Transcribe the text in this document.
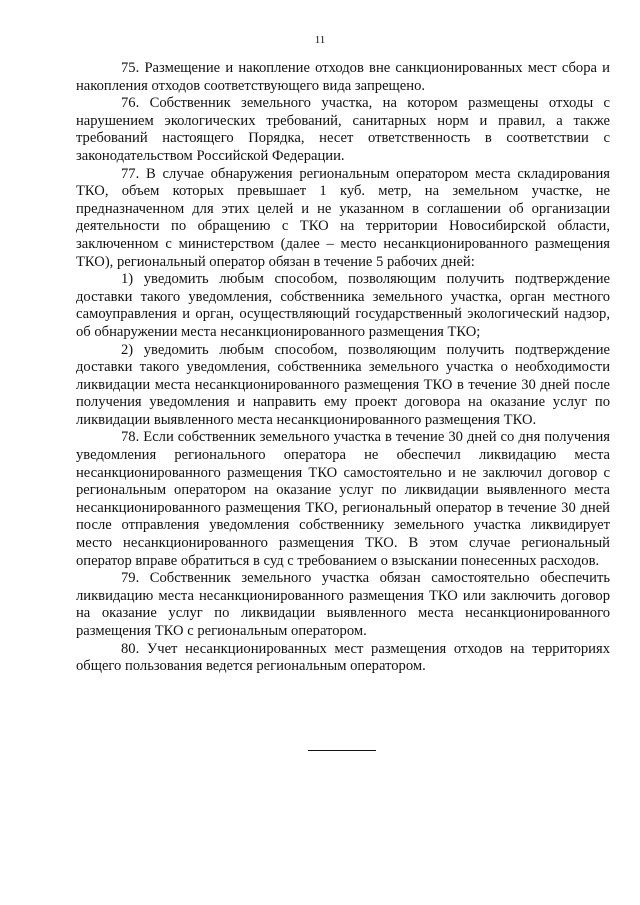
11

75. Размещение и накопление отходов вне санкционированных мест сбора и накопления отходов соответствующего вида запрещено.

76. Собственник земельного участка, на котором размещены отходы с нарушением экологических требований, санитарных норм и правил, а также требований настоящего Порядка, несет ответственность в соответствии с законодательством Российской Федерации.

77. В случае обнаружения региональным оператором места складирования ТКО, объем которых превышает 1 куб. метр, на земельном участке, не предназначенном для этих целей и не указанном в соглашении об организации деятельности по обращению с ТКО на территории Новосибирской области, заключенном с министерством (далее – место несанкционированного размещения ТКО), региональный оператор обязан в течение 5 рабочих дней:

1) уведомить любым способом, позволяющим получить подтверждение доставки такого уведомления, собственника земельного участка, орган местного самоуправления и орган, осуществляющий государственный экологический надзор, об обнаружении места несанкционированного размещения ТКО;

2) уведомить любым способом, позволяющим получить подтверждение доставки такого уведомления, собственника земельного участка о необходимости ликвидации места несанкционированного размещения ТКО в течение 30 дней после получения уведомления и направить ему проект договора на оказание услуг по ликвидации выявленного места несанкционированного размещения ТКО.

78. Если собственник земельного участка в течение 30 дней со дня получения уведомления регионального оператора не обеспечил ликвидацию места несанкционированного размещения ТКО самостоятельно и не заключил договор с региональным оператором на оказание услуг по ликвидации выявленного места несанкционированного размещения ТКО, региональный оператор в течение 30 дней после отправления уведомления собственнику земельного участка ликвидирует место несанкционированного размещения ТКО. В этом случае региональный оператор вправе обратиться в суд с требованием о взыскании понесенных расходов.

79. Собственник земельного участка обязан самостоятельно обеспечить ликвидацию места несанкционированного размещения ТКО или заключить договор на оказание услуг по ликвидации выявленного места несанкционированного размещения ТКО с региональным оператором.

80. Учет несанкционированных мест размещения отходов на территориях общего пользования ведется региональным оператором.
